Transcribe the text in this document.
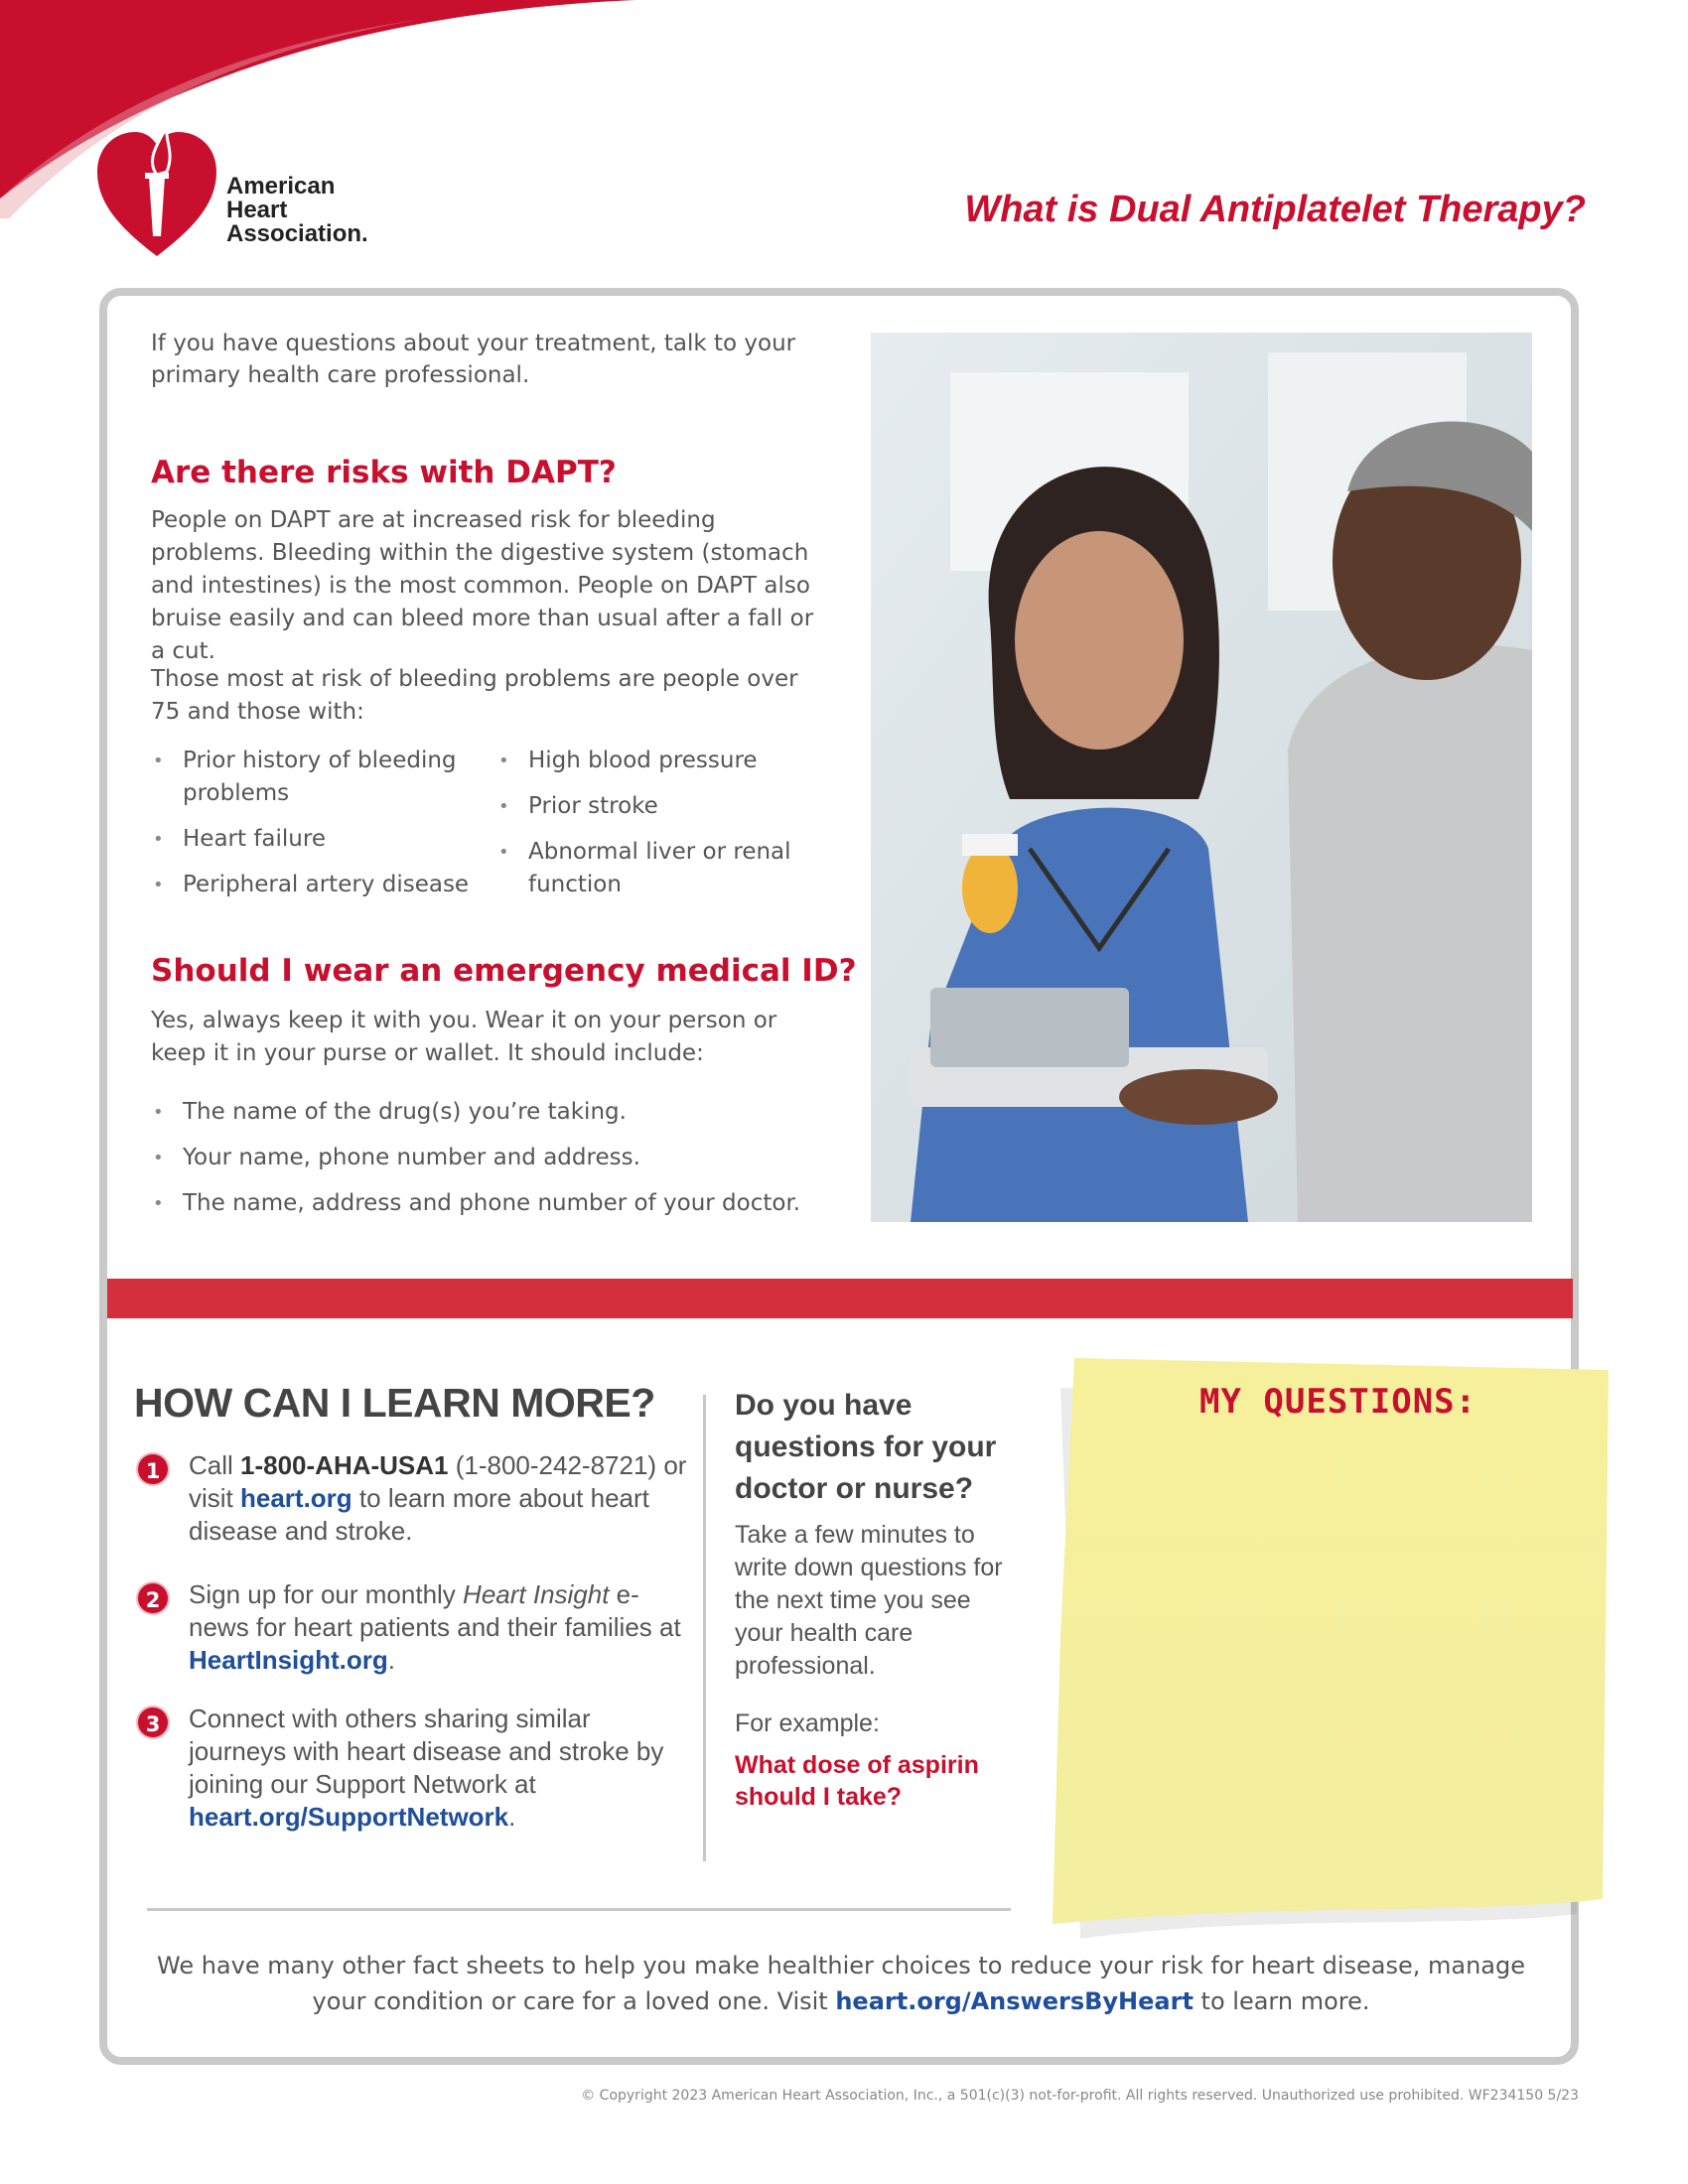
American
Heart
Association.
What is Dual Antiplatelet Therapy?
If you have questions about your treatment, talk to your primary health care professional.
Are there risks with DAPT?
People on DAPT are at increased risk for bleeding problems. Bleeding within the digestive system (stomach and intestines) is the most common. People on DAPT also bruise easily and can bleed more than usual after a fall or a cut.
Those most at risk of bleeding problems are people over 75 and those with:
• Prior history of bleeding problems
• Heart failure
• Peripheral artery disease
• High blood pressure
• Prior stroke
• Abnormal liver or renal function
Should I wear an emergency medical ID?
Yes, always keep it with you. Wear it on your person or keep it in your purse or wallet. It should include:
• The name of the drug(s) you’re taking.
• Your name, phone number and address.
• The name, address and phone number of your doctor.
HOW CAN I LEARN MORE?
1	Call 1-800-AHA-USA1 (1-800-242-8721) or visit heart.org to learn more about heart disease and stroke.
2	Sign up for our monthly Heart Insight e-news for heart patients and their families at HeartInsight.org.
3	Connect with others sharing similar journeys with heart disease and stroke by joining our Support Network at heart.org/SupportNetwork.
Do you have questions for your doctor or nurse?
Take a few minutes to write down questions for the next time you see your health care professional.
For example:
What dose of aspirin should I take?
MY QUESTIONS:
We have many other fact sheets to help you make healthier choices to reduce your risk for heart disease, manage your condition or care for a loved one. Visit heart.org/AnswersByHeart to learn more.
© Copyright 2023 American Heart Association, Inc., a 501(c)(3) not-for-profit. All rights reserved. Unauthorized use prohibited. WF234150 5/23
